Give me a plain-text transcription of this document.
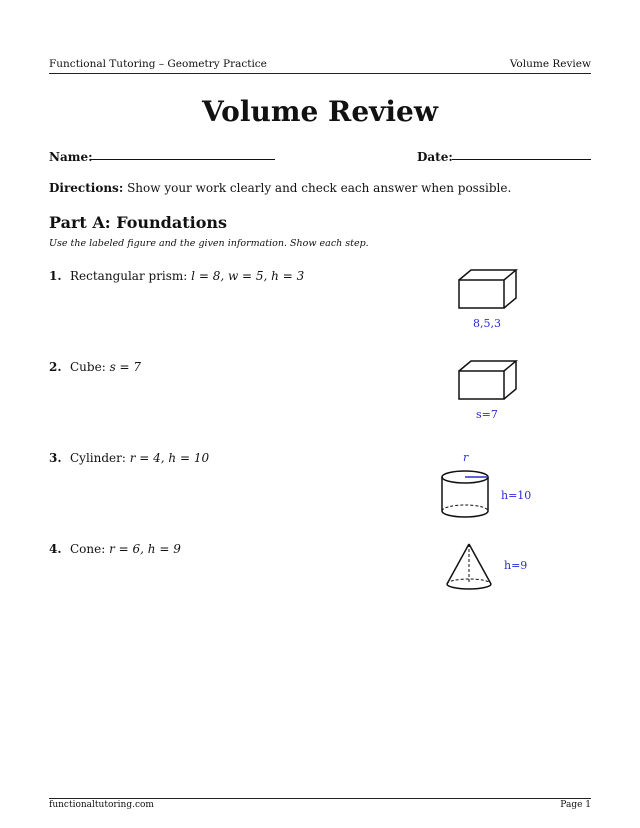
Functional Tutoring – Geometry Practice	Volume Review
Volume Review
Name:	Date:
Directions: Show your work clearly and check each answer when possible.
Part A: Foundations
Use the labeled figure and the given information. Show each step.
1. Rectangular prism: l = 8, w = 5, h = 3
8,5,3
2. Cube: s = 7
s=7
3. Cylinder: r = 4, h = 10	r
h=10
4. Cone: r = 6, h = 9
h=9
functionaltutoring.com	Page 1
